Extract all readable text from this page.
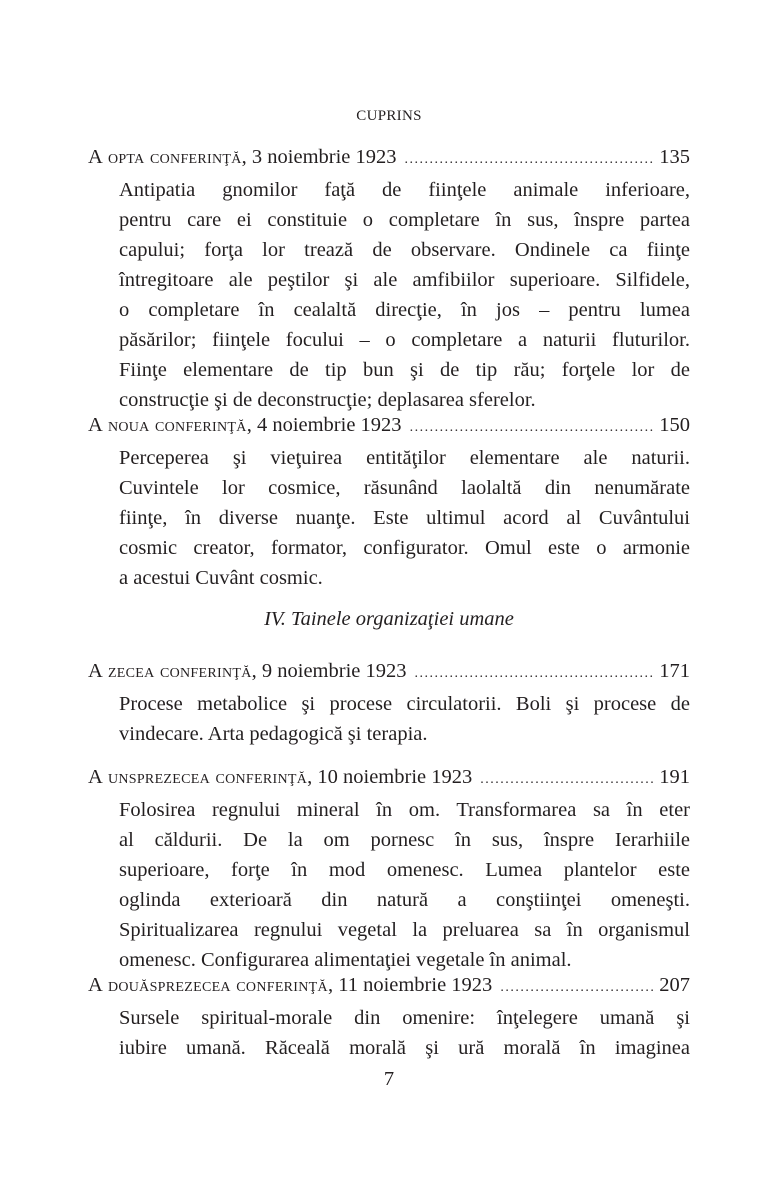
CUPRINS
A
opta conferinţă , 3 noiembrie 1923 .....	135
Antipatia gnomilor faţă de fiinţele animale inferioare,
pentru care ei constituie o completare în sus, înspre partea
capului; forţa lor trează de observare. Ondinele ca fiinţe
întregitoare ale peştilor şi ale amfibiilor superioare. Silfidele,
o completare în cealaltă direcţie, în jos – pentru lumea
păsărilor; fiinţele focului – o completare a naturii fluturilor.
Fiinţe elementare de tip bun şi de tip rău; forţele lor de
construcţie şi de deconstrucţie; deplasarea sferelor.
A
noua conferinţă , 4 noiembrie 1923 .....	150
Perceperea şi vieţuirea entităţilor elementare ale naturii.
Cuvintele lor cosmice, răsunând laolaltă din nenumărate
fiinţe, în diverse nuanţe. Este ultimul acord al Cuvântului
cosmic creator, formator, configurator. Omul este o armonie
a acestui Cuvânt cosmic.
IV. Tainele organizaţiei umane
A
zecea conferinţă , 9 noiembrie 1923 .....	171
Procese metabolice şi procese circulatorii. Boli şi procese de
vindecare. Arta pedagogică şi terapia.
A
unsprezecea conferinţă , 10 noiembrie 1923 .....	191
Folosirea regnului mineral în om. Transformarea sa în eter
al căldurii. De la om pornesc în sus, înspre Ierarhiile
superioare, forţe în mod omenesc. Lumea plantelor este
oglinda exterioară din natură a conştiinţei omeneşti.
Spiritualizarea regnului vegetal la preluarea sa în organismul
omenesc. Configurarea alimentaţiei vegetale în animal.
A
douăsprezecea conferinţă , 11 noiembrie 1923 .....	207
Sursele spiritual-morale din omenire: înţelegere umană şi
iubire umană. Răceală morală şi ură morală în imaginea
7
